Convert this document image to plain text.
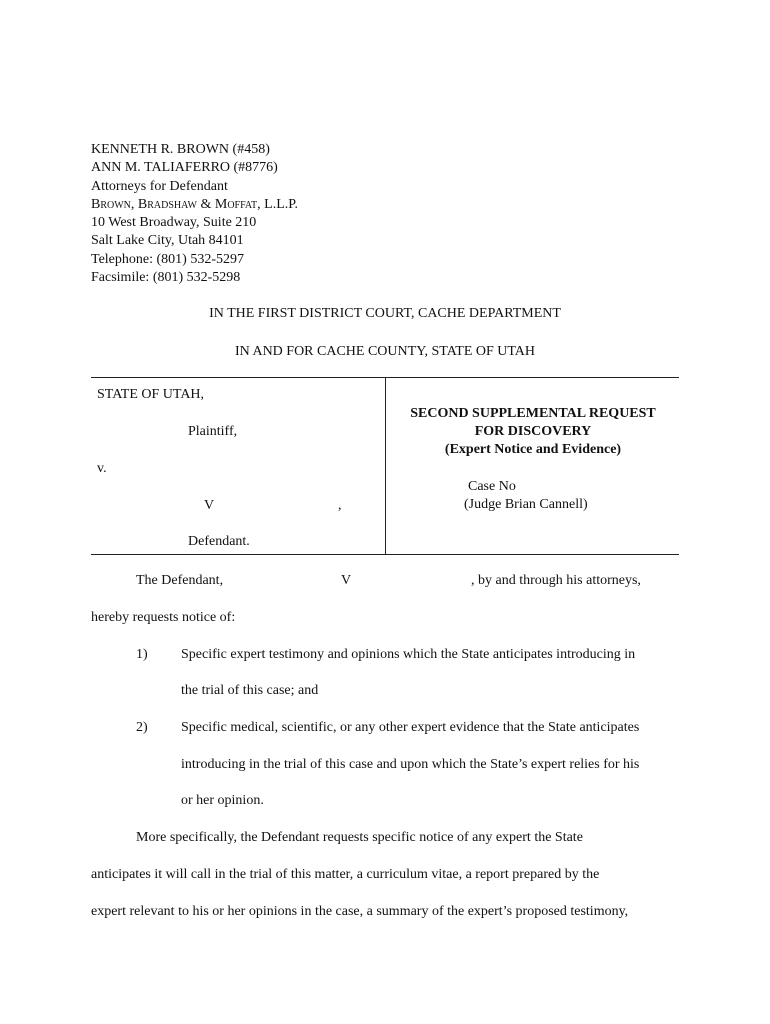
KENNETH R. BROWN (#458)
ANN M. TALIAFERRO (#8776)
Attorneys for Defendant
Brown, Bradshaw & Moffat, L.L.P.
10 West Broadway, Suite 210
Salt Lake City, Utah 84101
Telephone: (801) 532-5297
Facsimile: (801) 532-5298
IN THE FIRST DISTRICT COURT, CACHE DEPARTMENT
IN AND FOR CACHE COUNTY, STATE OF UTAH
STATE OF UTAH,
Plaintiff,
v.
V	,
Defendant.
SECOND SUPPLEMENTAL REQUEST
FOR DISCOVERY
(Expert Notice and Evidence)
Case No
(Judge Brian Cannell)
The Defendant,	V	, by and through his attorneys,
hereby requests notice of:
1) Specific expert testimony and opinions which the State anticipates introducing in
the trial of this case; and
2) Specific medical, scientific, or any other expert evidence that the State anticipates
introducing in the trial of this case and upon which the State’s expert relies for his
or her opinion.
More specifically, the Defendant requests specific notice of any expert the State
anticipates it will call in the trial of this matter, a curriculum vitae, a report prepared by the
expert relevant to his or her opinions in the case, a summary of the expert’s proposed testimony,
